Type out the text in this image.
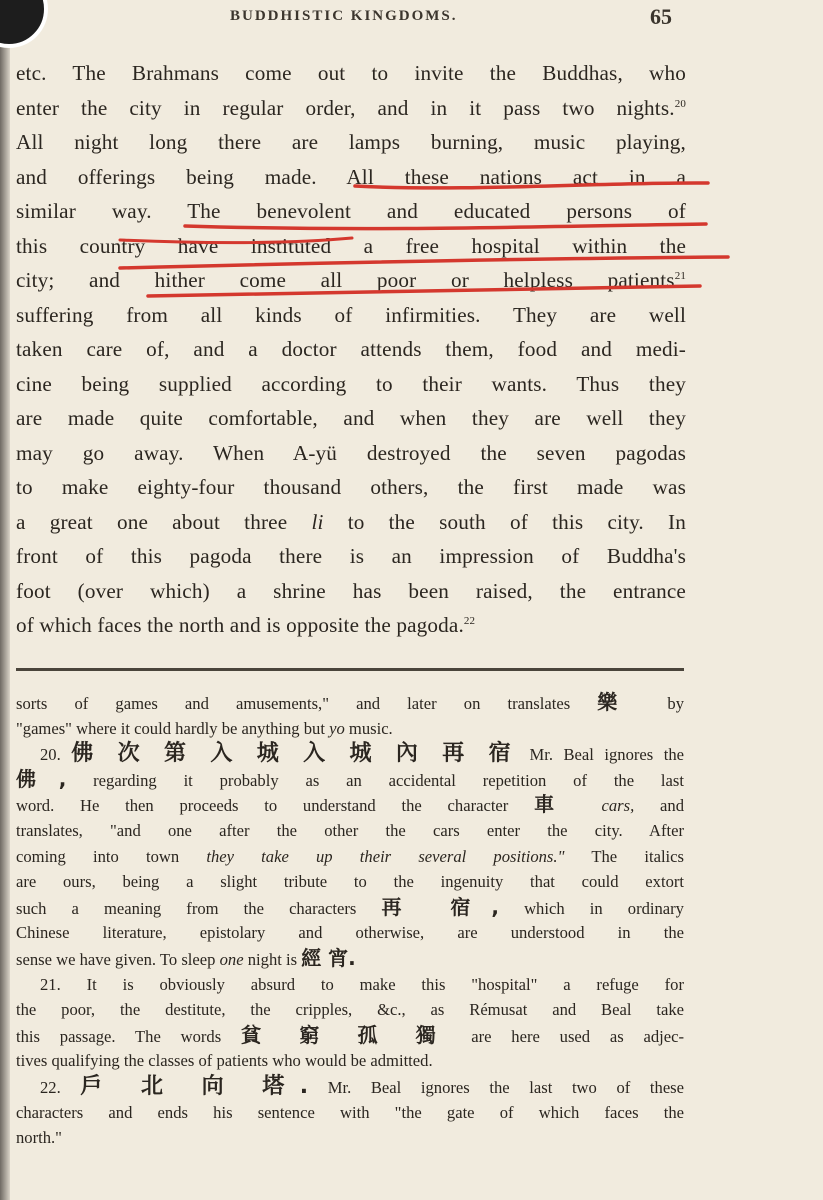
BUDDHISTIC KINGDOMS.	65
etc. The Brahmans come out to invite the Buddhas, who
enter the city in regular order, and in it pass two nights.$^{20}$
All night long there are lamps burning, music playing,
and offerings being made. All these nations act in a
similar way. The benevolent and educated persons of
this country have instituted a free hospital within the
city; and hither come all poor or helpless patients$^{21}$
suffering from all kinds of infirmities. They are well
taken care of, and a doctor attends them, food and medi-
cine being supplied according to their wants. Thus they
are made quite comfortable, and when they are well they
may go away. When A-yü destroyed the seven pagodas
to make eighty-four thousand others, the first made was
a great one about three li to the south of this city. In
front of this pagoda there is an impression of Buddha's
foot (over which) a shrine has been raised, the entrance
of which faces the north and is opposite the pagoda.$^{22}$
sorts of games and amusements," and later on translates 樂 by
"games" where it could hardly be anything but yo music.
20. 佛 次 第 入 城 入 城 內 再 宿 Mr. Beal ignores the
佛, regarding it probably as an accidental repetition of the last
word. He then proceeds to understand the character 車 cars, and
translates, "and one after the other the cars enter the city. After
coming into town they take up their several positions." The italics
are ours, being a slight tribute to the ingenuity that could extort
such a meaning from the characters 再 宿, which in ordinary
Chinese literature, epistolary and otherwise, are understood in the
sense we have given. To sleep one night is 經 宵.
21. It is obviously absurd to make this "hospital" a refuge for
the poor, the destitute, the cripples, &c., as Rémusat and Beal take
this passage. The words 貧 窮 孤 獨 are here used as adjec-
tives qualifying the classes of patients who would be admitted.
22. 戶 北 向 塔. Mr. Beal ignores the last two of these
characters and ends his sentence with "the gate of which faces the
north."
